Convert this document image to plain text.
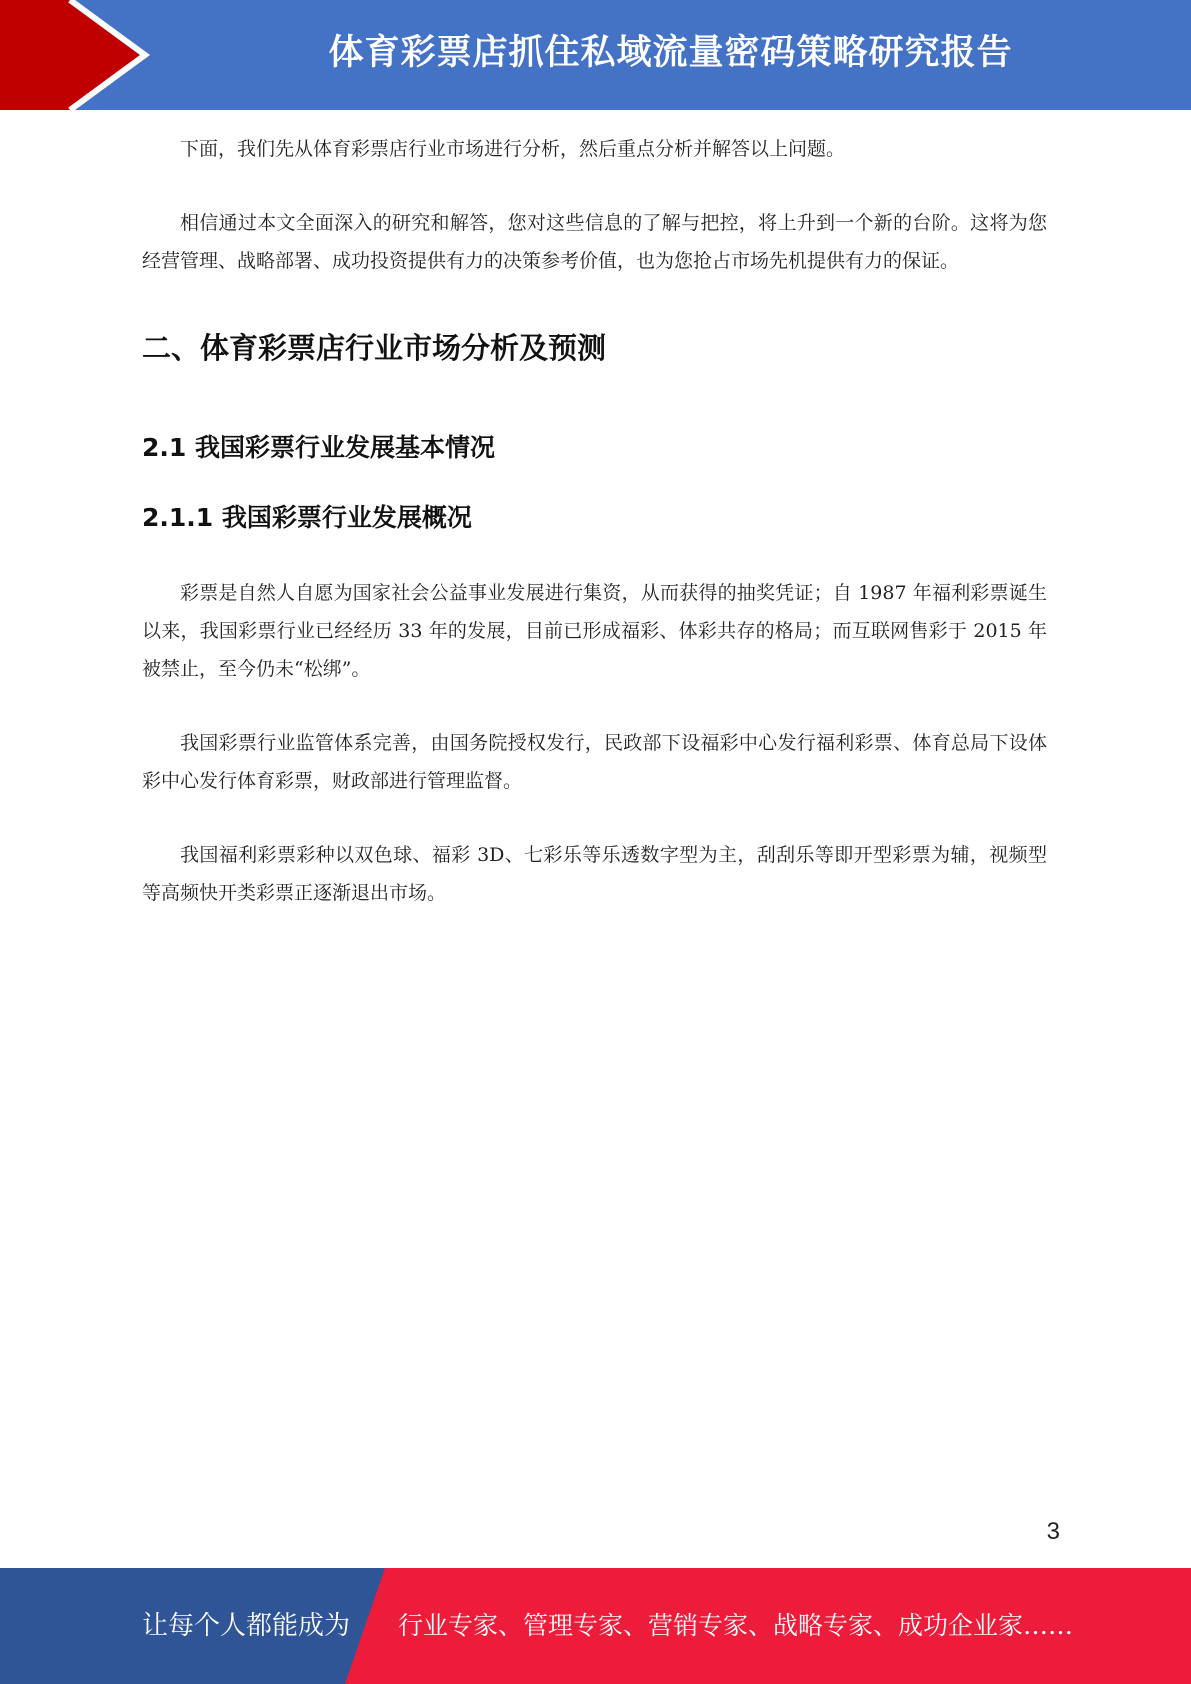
体育彩票店抓住私域流量密码策略研究报告

下面，我们先从体育彩票店行业市场进行分析，然后重点分析并解答以上问题。

相信通过本文全面深入的研究和解答，您对这些信息的了解与把控，将上升到一个新的台阶。这将为您经营管理、战略部署、成功投资提供有力的决策参考价值，也为您抢占市场先机提供有力的保证。

二、体育彩票店行业市场分析及预测
2.1 我国彩票行业发展基本情况
2.1.1 我国彩票行业发展概况

彩票是自然人自愿为国家社会公益事业发展进行集资，从而获得的抽奖凭证；自 1987 年福利彩票诞生以来，我国彩票行业已经经历 33 年的发展，目前已形成福彩、体彩共存的格局；而互联网售彩于 2015 年被禁止，至今仍未“松绑”。

我国彩票行业监管体系完善，由国务院授权发行，民政部下设福彩中心发行福利彩票、体育总局下设体彩中心发行体育彩票，财政部进行管理监督。

我国福利彩票彩种以双色球、福彩 3D、七彩乐等乐透数字型为主，刮刮乐等即开型彩票为辅，视频型等高频快开类彩票正逐渐退出市场。

3
让每个人都能成为 行业专家、管理专家、营销专家、战略专家、成功企业家……
